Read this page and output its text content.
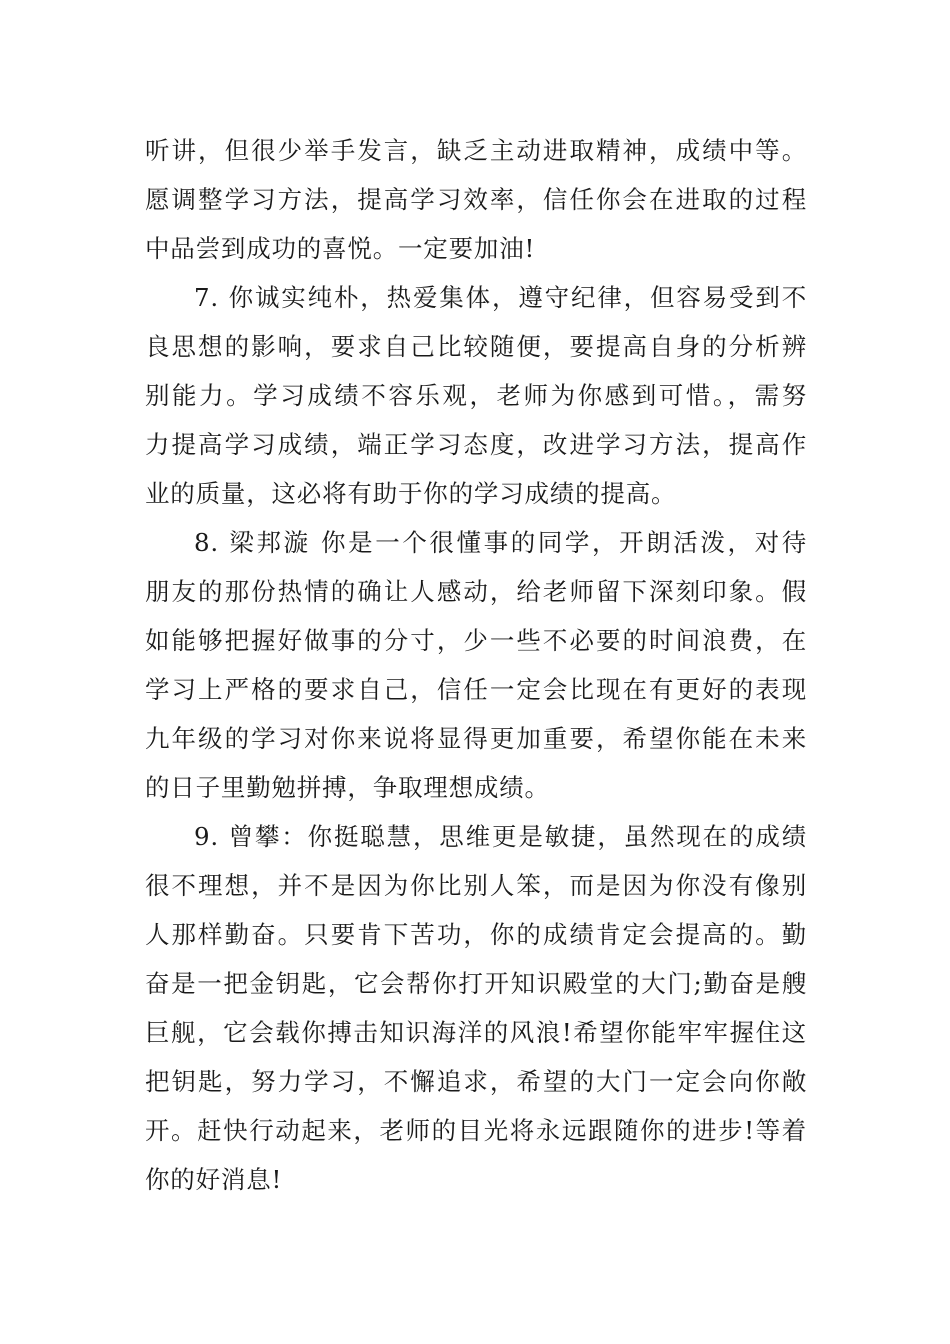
听讲，但很少举手发言，缺乏主动进取精神，成绩中等。
愿调整学习方法，提高学习效率，信任你会在进取的过程
中品尝到成功的喜悦。一定要加油!

7. 你诚实纯朴，热爱集体，遵守纪律，但容易受到不
良思想的影响，要求自己比较随便，要提高自身的分析辨
别能力。学习成绩不容乐观，老师为你感到可惜。，需努
力提高学习成绩，端正学习态度，改进学习方法，提高作
业的质量，这必将有助于你的学习成绩的提高。

8. 梁邦漩 你是一个很懂事的同学，开朗活泼，对待
朋友的那份热情的确让人感动，给老师留下深刻印象。假
如能够把握好做事的分寸，少一些不必要的时间浪费，在
学习上严格的要求自己，信任一定会比现在有更好的表现
九年级的学习对你来说将显得更加重要，希望你能在未来
的日子里勤勉拼搏，争取理想成绩。

9. 曾攀：你挺聪慧，思维更是敏捷，虽然现在的成绩
很不理想，并不是因为你比别人笨，而是因为你没有像别
人那样勤奋。只要肯下苦功，你的成绩肯定会提高的。勤
奋是一把金钥匙，它会帮你打开知识殿堂的大门;勤奋是艘
巨舰，它会载你搏击知识海洋的风浪!希望你能牢牢握住这
把钥匙，努力学习，不懈追求，希望的大门一定会向你敞
开。赶快行动起来，老师的目光将永远跟随你的进步!等着
你的好消息!
